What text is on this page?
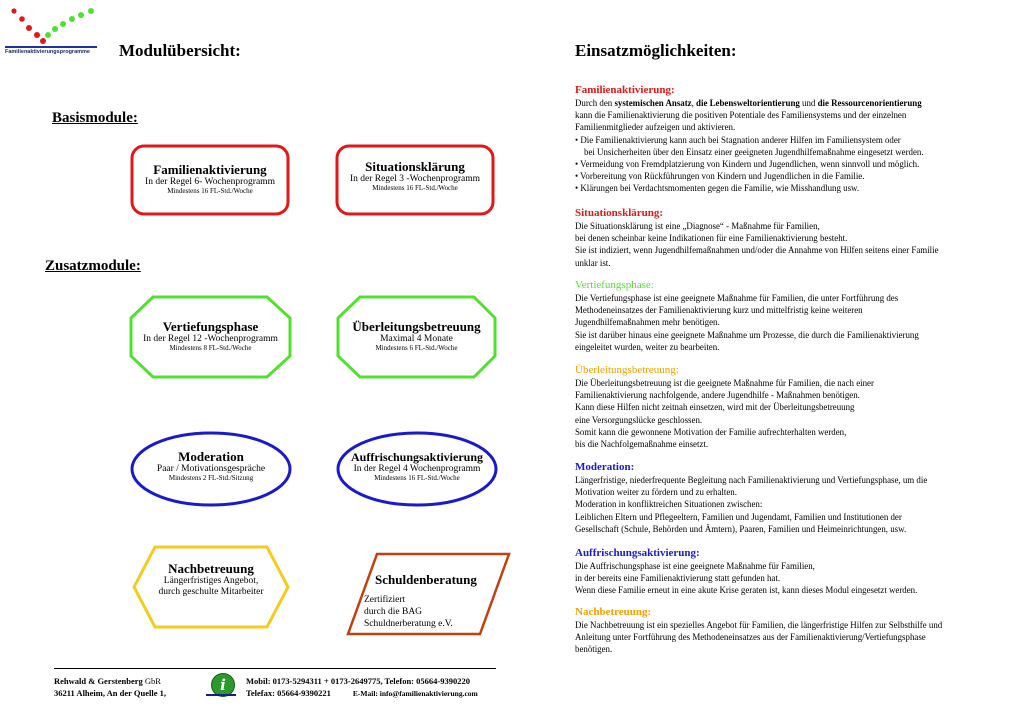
Familienaktivierungsprogramme	Modulübersicht:
Basismodule:
Zusatzmodule:
Familienaktivierung
In der Regel 6- Wochenprogramm
Mindestens 16 FL-Std./Woche
Situationsklärung
In der Regel 3 -Wochenprogramm
Mindestens 16 FL-Std./Woche
Vertiefungsphase
In der Regel 12 -Wochenprogramm
Mindestens 8 FL-Std./Woche
Überleitungsbetreuung
Maximal 4 Monate
Mindestens 6 FL-Std./Woche
Moderation
Paar / Motivationsgespräche
Mindestens 2 FL-Std./Sitzung
Auffrischungsaktivierung
In der Regel 4 Wochenprogramm
Mindestens 16 FL-Std./Woche
Nachbetreuung
Längerfristiges Angebot,
durch geschulte Mitarbeiter
Schuldenberatung
Zertifiziert
durch die BAG
Schuldnerberatung e.V.
Einsatzmöglichkeiten:
Familienaktivierung:

Durch den systemischen Ansatz, die Lebensweltorientierung und die Ressourcenorientierung

kann die Familienaktivierung die positiven Potentiale des Familiensystems und der einzelnen

Familienmitglieder aufzeigen und aktivieren.

• Die Familienaktivierung kann auch bei Stagnation anderer Hilfen im Familiensystem oder

bei Unsicherheiten über den Einsatz einer geeigneten Jugendhilfemaßnahme eingesetzt werden.

• Vermeidung von Fremdplatzierung von Kindern und Jugendlichen, wenn sinnvoll und möglich.

• Vorbereitung von Rückführungen von Kindern und Jugendlichen in die Familie.

• Klärungen bei Verdachtsmomenten gegen die Familie, wie Misshandlung usw.

Situationsklärung:

Die Situationsklärung ist eine „Diagnose“ - Maßnahme für Familien,

bei denen scheinbar keine Indikationen für eine Familienaktivierung besteht.

Sie ist indiziert, wenn Jugendhilfemaßnahmen und/oder die Annahme von Hilfen seitens einer Familie

unklar ist.

Vertiefungsphase:

Die Vertiefungsphase ist eine geeignete Maßnahme für Familien, die unter Fortführung des

Methodeneinsatzes der Familienaktivierung kurz und mittelfristig keine weiteren

Jugendhilfemaßnahmen mehr benötigen.

Sie ist darüber hinaus eine geeignete Maßnahme um Prozesse, die durch die Familienaktivierung

eingeleitet wurden, weiter zu bearbeiten.

Überleitungsbetreuung:

Die Überleitungsbetreuung ist die geeignete Maßnahme für Familien, die nach einer

Familienaktivierung nachfolgende, andere Jugendhilfe - Maßnahmen benötigen.

Kann diese Hilfen nicht zeitnah einsetzen, wird mit der Überleitungsbetreuung

eine Versorgungslücke geschlossen.

Somit kann die gewonnene Motivation der Familie aufrechterhalten werden,

bis die Nachfolgemaßnahme einsetzt.

Moderation:

Längerfristige, niederfrequente Begleitung nach Familienaktivierung und Vertiefungsphase, um die

Motivation weiter zu fördern und zu erhalten.

Moderation in konfliktreichen Situationen zwischen:

Leiblichen Eltern und Pflegeeltern, Familien und Jugendamt, Familien und Institutionen der

Gesellschaft (Schule, Behörden und Ämtern), Paaren, Familien und Heimeinrichtungen, usw.

Auffrischungsaktivierung:

Die Auffrischungsphase ist eine geeignete Maßnahme für Familien,

in der bereits eine Familienaktivierung statt gefunden hat.

Wenn diese Familie erneut in eine akute Krise geraten ist, kann dieses Modul eingesetzt werden.

Nachbetreuung:

Die Nachbetreuung ist ein spezielles Angebot für Familien, die längerfristige Hilfen zur Selbsthilfe und

Anleitung unter Fortführung des Methodeneinsatzes aus der Familienaktivierung/Vertiefungsphase

benötigen.

Rehwald & Gerstenberg GbR
36211 Alheim, An der Quelle 1,	i	Mobil: 0173-5294311 + 0173-2649775, Telefon: 05664-9390220
Telefax: 05664-9390221	E-Mail: info@familienaktivierung.com
